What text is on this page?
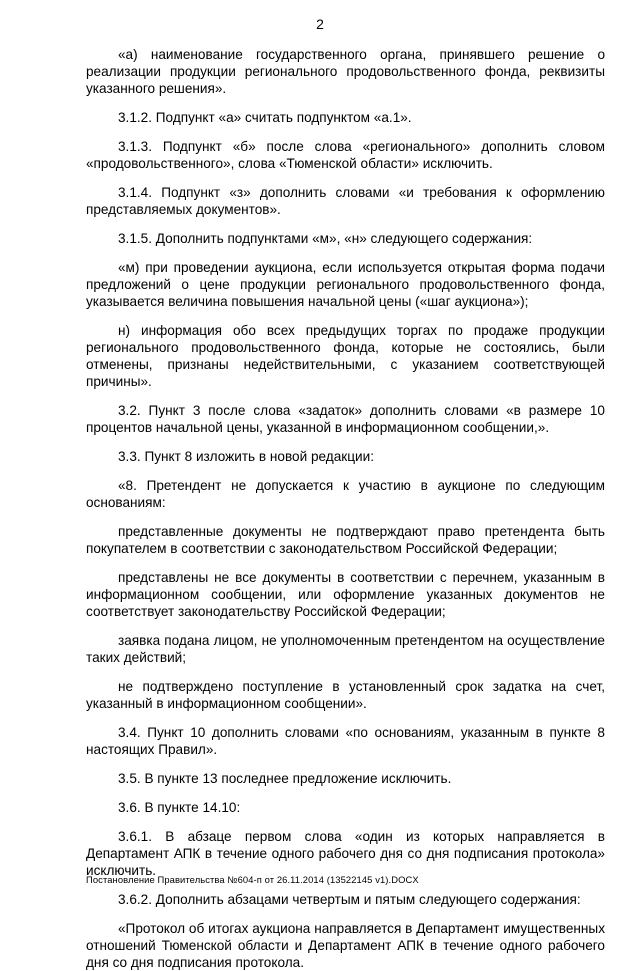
2

«а) наименование государственного органа, принявшего решение о реализации продукции регионального продовольственного фонда, реквизиты указанного решения».

3.1.2. Подпункт «а» считать подпунктом «а.1».

3.1.3. Подпункт «б» после слова «регионального» дополнить словом «продовольственного», слова «Тюменской области» исключить.

3.1.4. Подпункт «з» дополнить словами «и требования к оформлению представляемых документов».

3.1.5. Дополнить подпунктами «м», «н» следующего содержания:

«м) при проведении аукциона, если используется открытая форма подачи предложений о цене продукции регионального продовольственного фонда, указывается величина повышения начальной цены («шаг аукциона»);

н) информация обо всех предыдущих торгах по продаже продукции регионального продовольственного фонда, которые не состоялись, были отменены, признаны недействительными, с указанием соответствующей причины».

3.2. Пункт 3 после слова «задаток» дополнить словами «в размере 10 процентов начальной цены, указанной в информационном сообщении,».

3.3. Пункт 8 изложить в новой редакции:

«8. Претендент не допускается к участию в аукционе по следующим основаниям:

представленные документы не подтверждают право претендента быть покупателем в соответствии с законодательством Российской Федерации;

представлены не все документы в соответствии с перечнем, указанным в информационном сообщении, или оформление указанных документов не соответствует законодательству Российской Федерации;

заявка подана лицом, не уполномоченным претендентом на осуществление таких действий;

не подтверждено поступление в установленный срок задатка на счет, указанный в информационном сообщении».

3.4. Пункт 10 дополнить словами «по основаниям, указанным в пункте 8 настоящих Правил».

3.5. В пункте 13 последнее предложение исключить.

3.6. В пункте 14.10:

3.6.1. В абзаце первом слова «один из которых направляется в Департамент АПК в течение одного рабочего дня со дня подписания протокола» исключить.

3.6.2. Дополнить абзацами четвертым и пятым следующего содержания:

«Протокол об итогах аукциона направляется в Департамент имущественных отношений Тюменской области и Департамент АПК в течение одного рабочего дня со дня подписания протокола.

Постановление Правительства №604-п от 26.11.2014 (13522145 v1).DOCX
